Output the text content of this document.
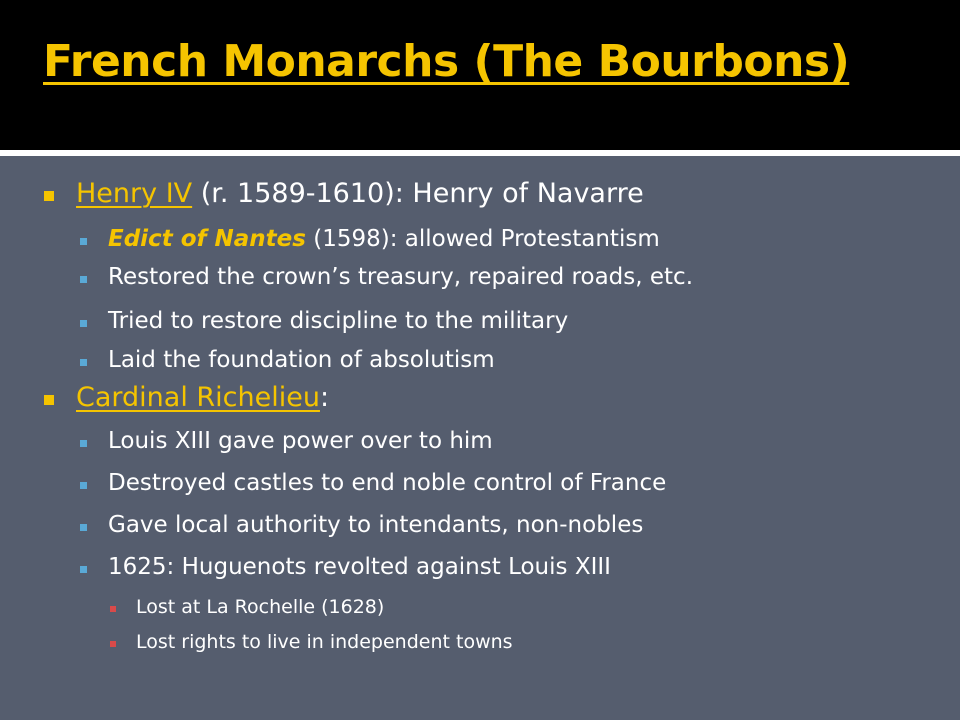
French Monarchs (The Bourbons)
Henry IV (r. 1589-1610): Henry of Navarre
Edict of Nantes (1598): allowed Protestantism
Restored the crown’s treasury, repaired roads, etc.
Tried to restore discipline to the military
Laid the foundation of absolutism
Cardinal Richelieu:
Louis XIII gave power over to him
Destroyed castles to end noble control of France
Gave local authority to intendants, non-nobles
1625: Huguenots revolted against Louis XIII
Lost at La Rochelle (1628)
Lost rights to live in independent towns
